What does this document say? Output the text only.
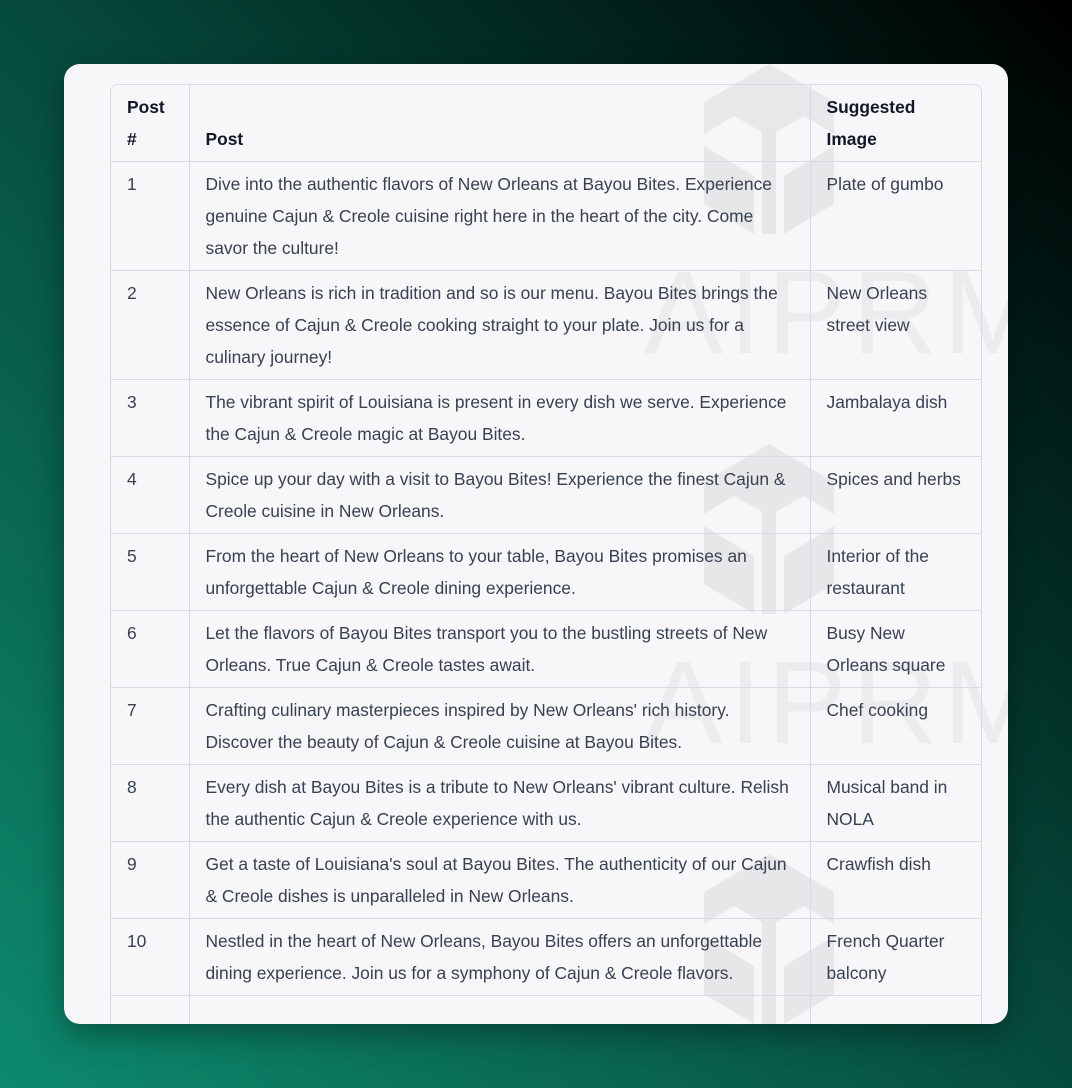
Post #	Post	Suggested Image
1	Dive into the authentic flavors of New Orleans at Bayou Bites. Experience genuine Cajun & Creole cuisine right here in the heart of the city. Come savor the culture!	Plate of gumbo
2	New Orleans is rich in tradition and so is our menu. Bayou Bites brings the essence of Cajun & Creole cooking straight to your plate. Join us for a culinary journey!	New Orleans street view
3	The vibrant spirit of Louisiana is present in every dish we serve. Experience the Cajun & Creole magic at Bayou Bites.	Jambalaya dish
4	Spice up your day with a visit to Bayou Bites! Experience the finest Cajun & Creole cuisine in New Orleans.	Spices and herbs
5	From the heart of New Orleans to your table, Bayou Bites promises an unforgettable Cajun & Creole dining experience.	Interior of the restaurant
6	Let the flavors of Bayou Bites transport you to the bustling streets of New Orleans. True Cajun & Creole tastes await.	Busy New Orleans square
7	Crafting culinary masterpieces inspired by New Orleans' rich history. Discover the beauty of Cajun & Creole cuisine at Bayou Bites.	Chef cooking
8	Every dish at Bayou Bites is a tribute to New Orleans' vibrant culture. Relish the authentic Cajun & Creole experience with us.	Musical band in NOLA
9	Get a taste of Louisiana's soul at Bayou Bites. The authenticity of our Cajun & Creole dishes is unparalleled in New Orleans.	Crawfish dish
10	Nestled in the heart of New Orleans, Bayou Bites offers an unforgettable dining experience. Join us for a symphony of Cajun & Creole flavors.	French Quarter balcony
